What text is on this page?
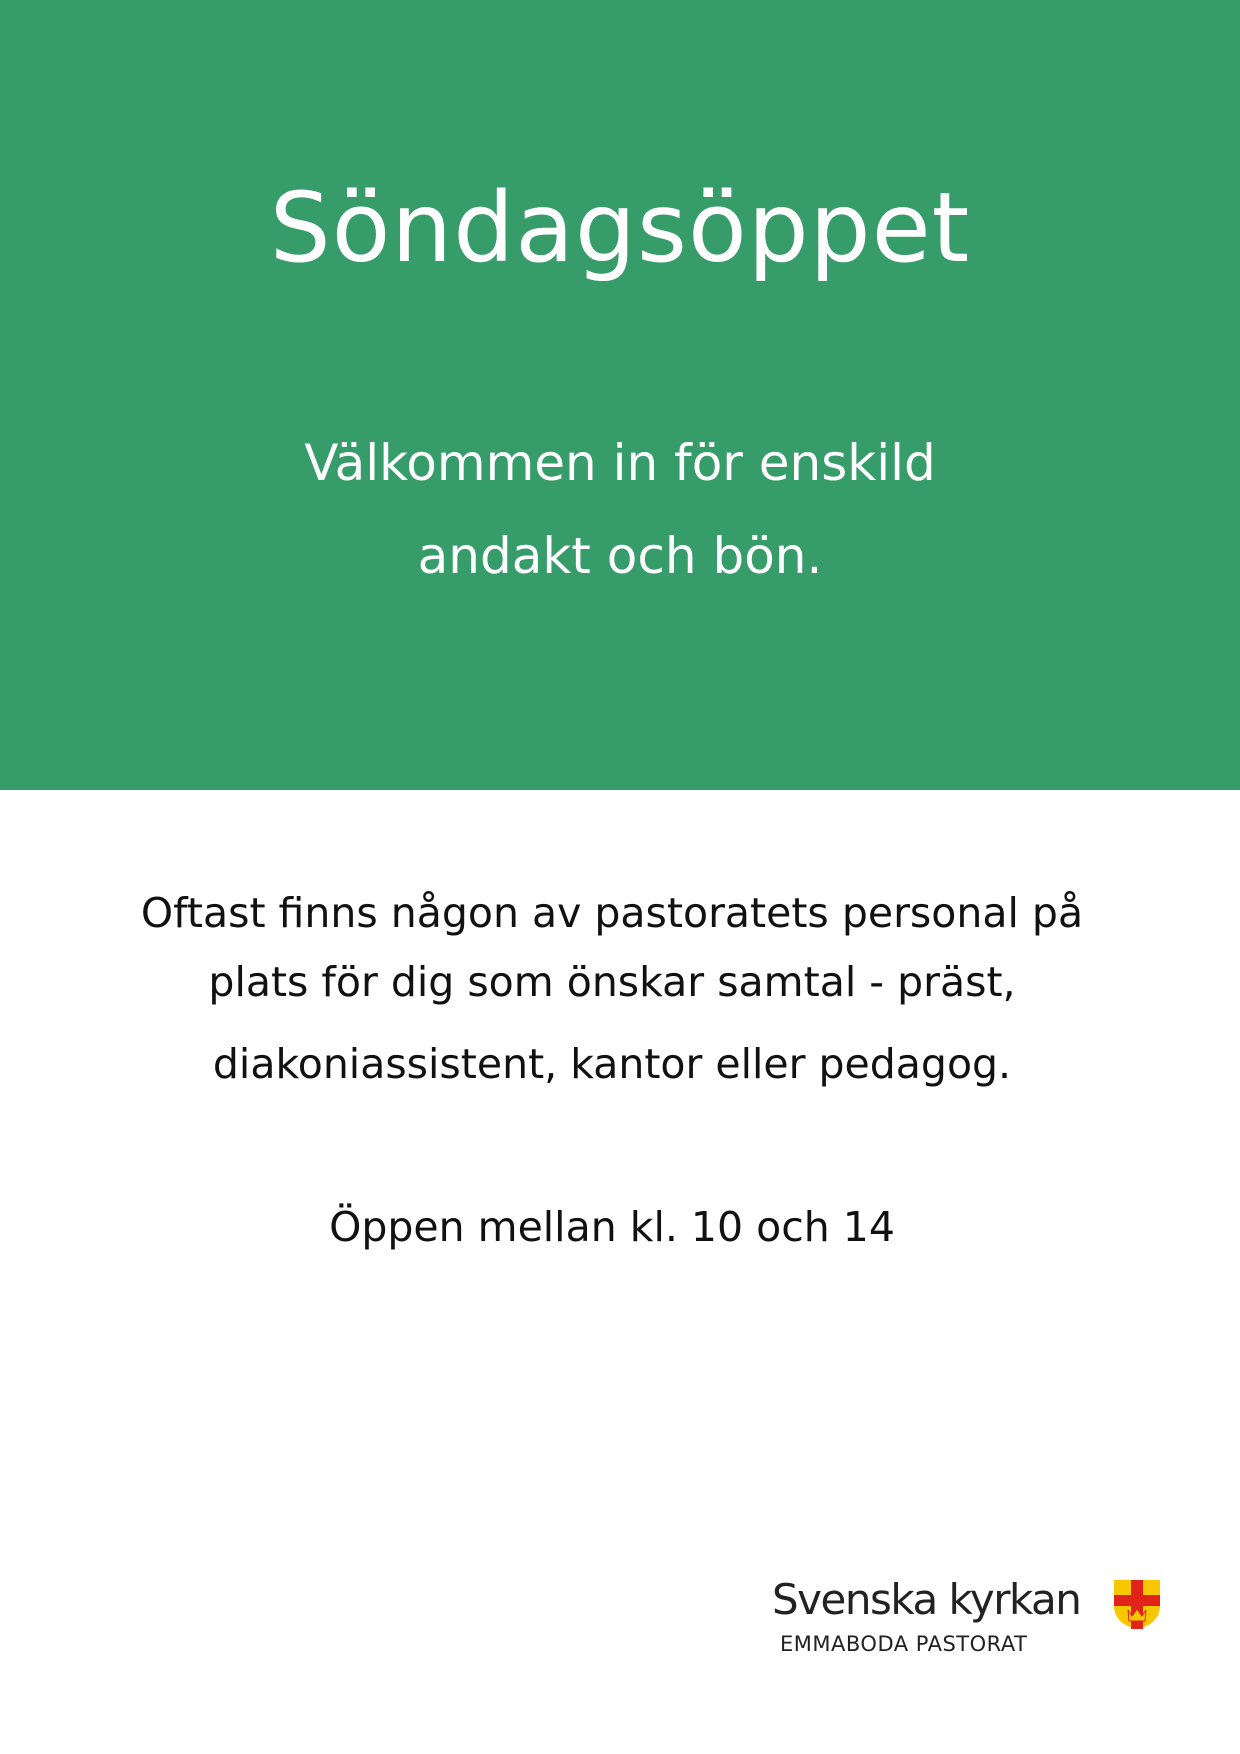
Söndagsöppet
Välkommen in för enskild
andakt och bön.
Oftast finns någon av pastoratets personal på
plats för dig som önskar samtal - präst,
diakoniassistent, kantor eller pedagog.
Öppen mellan kl. 10 och 14
Svenska kyrkan
EMMABODA PASTORAT
